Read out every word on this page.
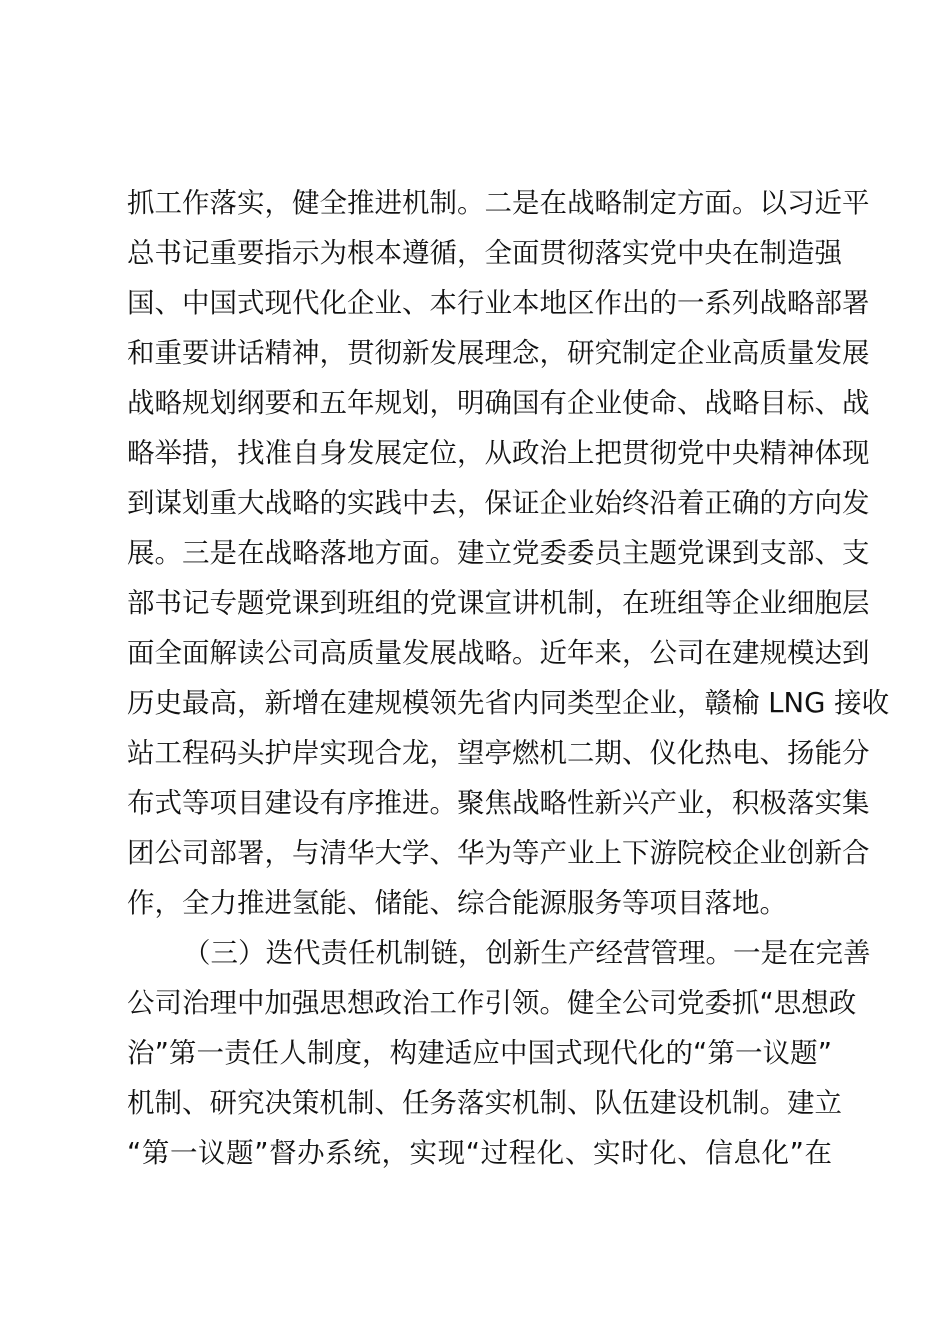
抓工作落实，健全推进机制。二是在战略制定方面。以习近平
总书记重要指示为根本遵循，全面贯彻落实党中央在制造强
国、中国式现代化企业、本行业本地区作出的一系列战略部署
和重要讲话精神，贯彻新发展理念，研究制定企业高质量发展
战略规划纲要和五年规划，明确国有企业使命、战略目标、战
略举措，找准自身发展定位，从政治上把贯彻党中央精神体现
到谋划重大战略的实践中去，保证企业始终沿着正确的方向发
展。三是在战略落地方面。建立党委委员主题党课到支部、支
部书记专题党课到班组的党课宣讲机制，在班组等企业细胞层
面全面解读公司高质量发展战略。近年来，公司在建规模达到
历史最高，新增在建规模领先省内同类型企业，赣榆 LNG 接收
站工程码头护岸实现合龙，望亭燃机二期、仪化热电、扬能分
布式等项目建设有序推进。聚焦战略性新兴产业，积极落实集
团公司部署，与清华大学、华为等产业上下游院校企业创新合
作，全力推进氢能、储能、综合能源服务等项目落地。
（三）迭代责任机制链，创新生产经营管理。一是在完善
公司治理中加强思想政治工作引领。健全公司党委抓“思想政
治”第一责任人制度，构建适应中国式现代化的“第一议题”
机制、研究决策机制、任务落实机制、队伍建设机制。建立
“第一议题”督办系统，实现“过程化、实时化、信息化”在
